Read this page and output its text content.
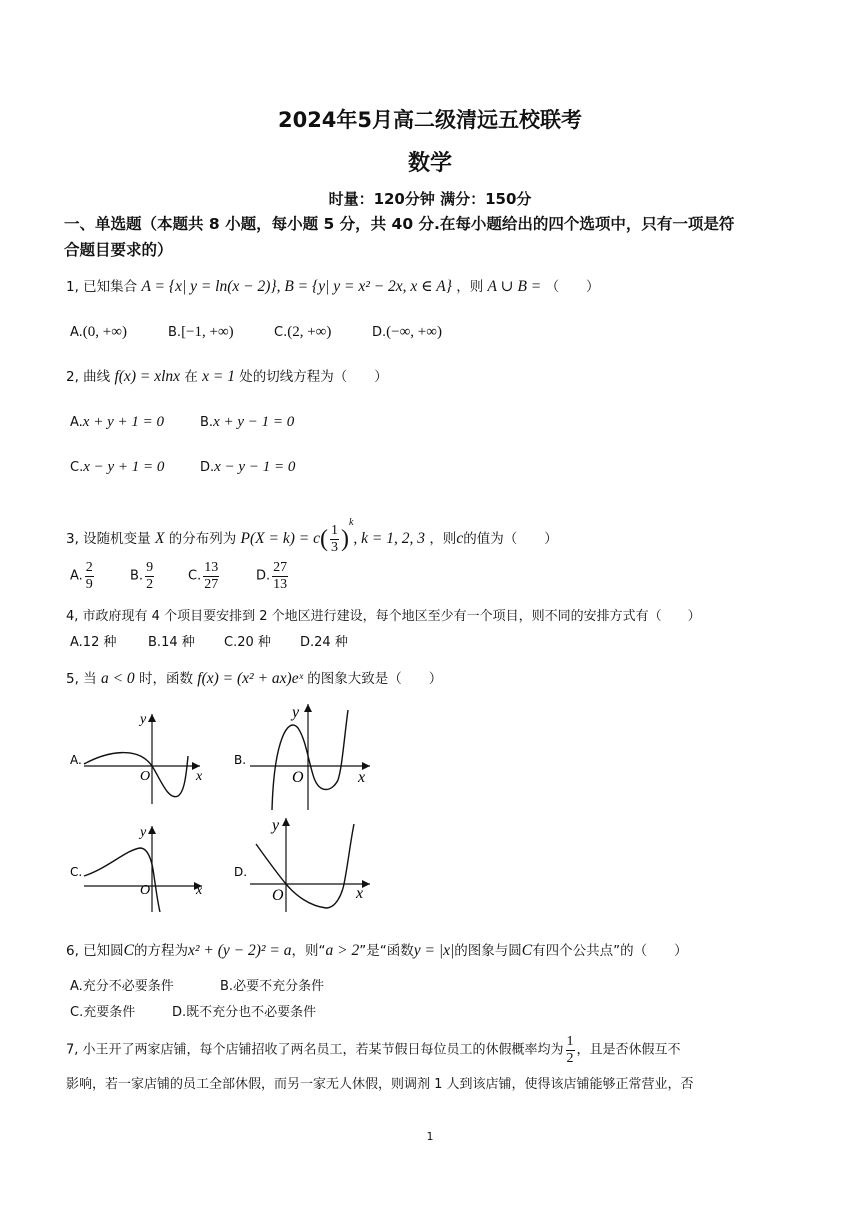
2024年5月高二级清远五校联考
数学
时量：120分钟 满分：150分
一、单选题（本题共 8 小题，每小题 5 分，共 40 分.在每小题给出的四个选项中，只有一项是符
合题目要求的）
1, 已知集合 A = {x| y = ln(x − 2)}, B = {y| y = x² − 2x, x ∈ A} ，则 A ∪ B = （　　）
A.(0, +∞)	B.[−1, +∞)	C.(2, +∞)	D.(−∞, +∞)
2, 曲线 f(x) = xlnx 在 x = 1 处的切线方程为（　　）
A.x + y + 1 = 0	B.x + y − 1 = 0
C.x − y + 1 = 0	D.x − y − 1 = 0
3, 设随机变量 X 的分布列为 $P(X = k) = c( \frac{1}{3} )^k$, k = 1, 2, 3 ，则c的值为（　　）
A. $\frac{2}{9}$	B. $\frac{9}{2}$	C. $\frac{13}{27}$	D. $\frac{27}{13}$
4, 市政府现有 4 个项目要安排到 2 个地区进行建设，每个地区至少有一个项目，则不同的安排方式有（　　）
A.12 种 B.14 种 C.20 种 D.24 种
5, 当 a < 0 时，函数 f(x) = (x² + ax)eˣ 的图象大致是（　　）
A.
y
x
O
B.
y
x
O
C.
y
x
O
D.
y
x
O
6, 已知圆C的方程为x² + (y − 2)² = a，则“a > 2”是“函数y = |x|的图象与圆C有四个公共点”的（　　）
A.充分不必要条件	B.必要不充分条件
C.充要条件	D.既不充分也不必要条件
7, 小王开了两家店铺，每个店铺招收了两名员工，若某节假日每位员工的休假概率均为 $\frac{1}{2}$ ，且是否休假互不
影响，若一家店铺的员工全部休假，而另一家无人休假，则调剂 1 人到该店铺，使得该店铺能够正常营业，否
1
